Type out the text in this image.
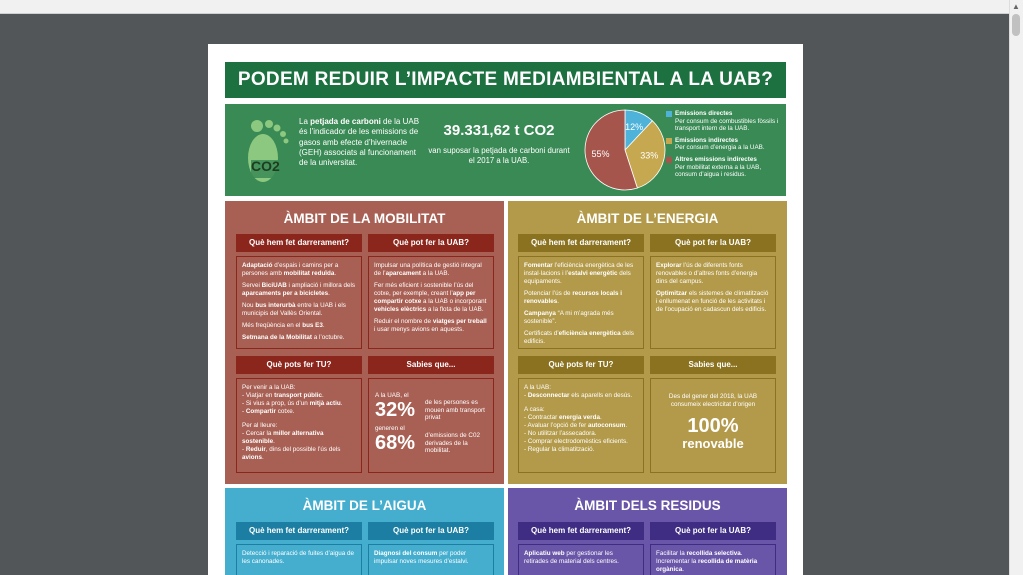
▲
PODEM REDUIR L’IMPACTE MEDIAMBIENTAL A LA UAB?
CO2
La petjada de carboni de la UAB és l’indicador de les emissions de gasos amb efecte d’hivernacle (GEH) associats al funcionament de la universitat.
39.331,62 t CO2
van suposar la petjada de carboni durant el 2017 a la UAB.
12%
33%
55%
Emissions directes
Per consum de combustibles fòssils i transport intern de la UAB.
Emissions indirectes
Per consum d’energia a la UAB.
Altres emissions indirectes
Per mobilitat externa a la UAB, consum d’aigua i residus.
ÀMBIT DE LA MOBILITAT
Què hem fet darrerament?	Què pot fer la UAB?

Adaptació d’espais i camins per a persones amb mobilitat reduïda.

Servei BiciUAB i ampliació i millora dels aparcaments per a bicicletes.

Nou bus interurbà entre la UAB i els municipis del Vallès Oriental.

Més freqüència en el bus E3.

Setmana de la Mobilitat a l’octubre.

Impulsar una política de gestió integral de l’aparcament a la UAB.

Fer més eficient i sostenible l’ús del cotxe, per exemple, creant l’app per compartir cotxe a la UAB o incorporant vehicles elèctrics a la flota de la UAB.

Reduir el nombre de viatges per treball i usar menys avions en aquests.

Què pots fer TU?	Sabies que...
Per venir a la UAB:
- Viatjar en transport públic.
- Si vius a prop, ús d’un mitjà actiu.
- Compartir cotxe.
Per al lleure:
- Cercar la millor alternativa sostenible.
- Reduir, dins del possible l’ús dels avions.
A la UAB, el
32%	de les persones es mouen amb transport privat
generen el
68%	d’emissions de C02 derivades de la mobilitat.
ÀMBIT DE L’ENERGIA
Què hem fet darrerament?	Què pot fer la UAB?

Fomentar l’eficiència energètica de les instal·lacions i l’estalvi energètic dels equipaments.

Potenciar l’ús de recursos locals i renovables.

Campanya “A mi m’agrada més sostenible”.

Certificats d’eficiència energètica dels edificis.

Explorar l’ús de diferents fonts renovables o d’altres fonts d’energia dins del campus.

Optimitzar els sistemes de climatització i enllumenat en funció de les activitats i de l’ocupació en cadascun dels edificis.

Què pots fer TU?	Sabies que...
A la UAB:
- Desconnectar els aparells en desús.
A casa:
- Contractar energia verda.
- Avaluar l’opció de fer autoconsum.
- No utilitzar l’assecadora.
- Comprar electrodomèstics eficients.
- Regular la climatització.
Des del gener del 2018, la UAB consumeix electricitat d’origen
100%
renovable
ÀMBIT DE L’AIGUA
Què hem fet darrerament?	Què pot fer la UAB?
Detecció i reparació de fuites d’aigua de les canonades.
Diagnosi del consum per poder impulsar noves mesures d’estalvi.
ÀMBIT DELS RESIDUS
Què hem fet darrerament?	Què pot fer la UAB?
Aplicatiu web per gestionar les retirades de material dels centres.
Facilitar la recollida selectiva.
Incrementar la recollida de matèria orgànica.
